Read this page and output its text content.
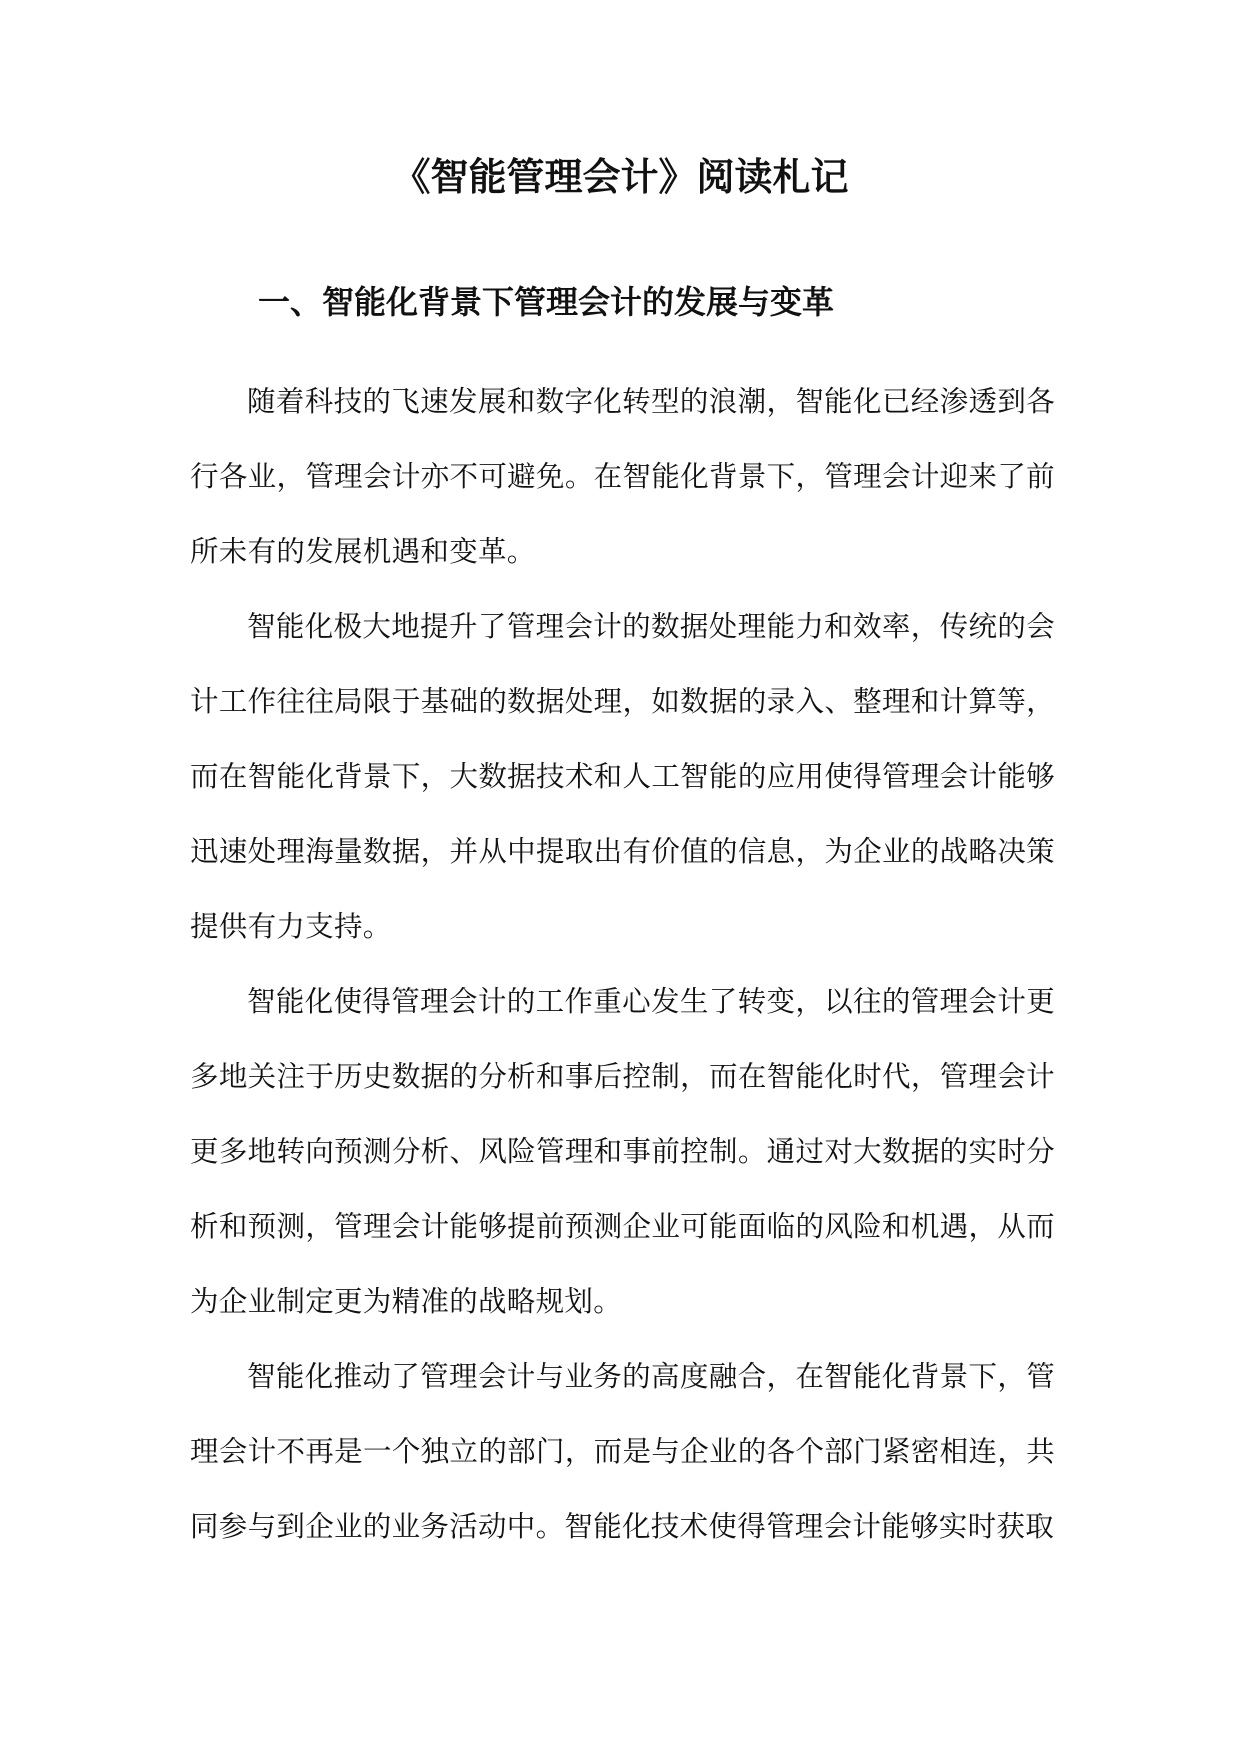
《智能管理会计》阅读札记
一、智能化背景下管理会计的发展与变革

随着科技的飞速发展和数字化转型的浪潮，智能化已经渗透到各行各业，管理会计亦不可避免。在智能化背景下，管理会计迎来了前所未有的发展机遇和变革。

智能化极大地提升了管理会计的数据处理能力和效率，传统的会计工作往往局限于基础的数据处理，如数据的录入、整理和计算等，而在智能化背景下，大数据技术和人工智能的应用使得管理会计能够迅速处理海量数据，并从中提取出有价值的信息，为企业的战略决策提供有力支持。

智能化使得管理会计的工作重心发生了转变，以往的管理会计更多地关注于历史数据的分析和事后控制，而在智能化时代，管理会计更多地转向预测分析、风险管理和事前控制。通过对大数据的实时分析和预测，管理会计能够提前预测企业可能面临的风险和机遇，从而为企业制定更为精准的战略规划。

智能化推动了管理会计与业务的高度融合，在智能化背景下，管理会计不再是一个独立的部门，而是与企业的各个部门紧密相连，共同参与到企业的业务活动中。智能化技术使得管理会计能够实时获取
